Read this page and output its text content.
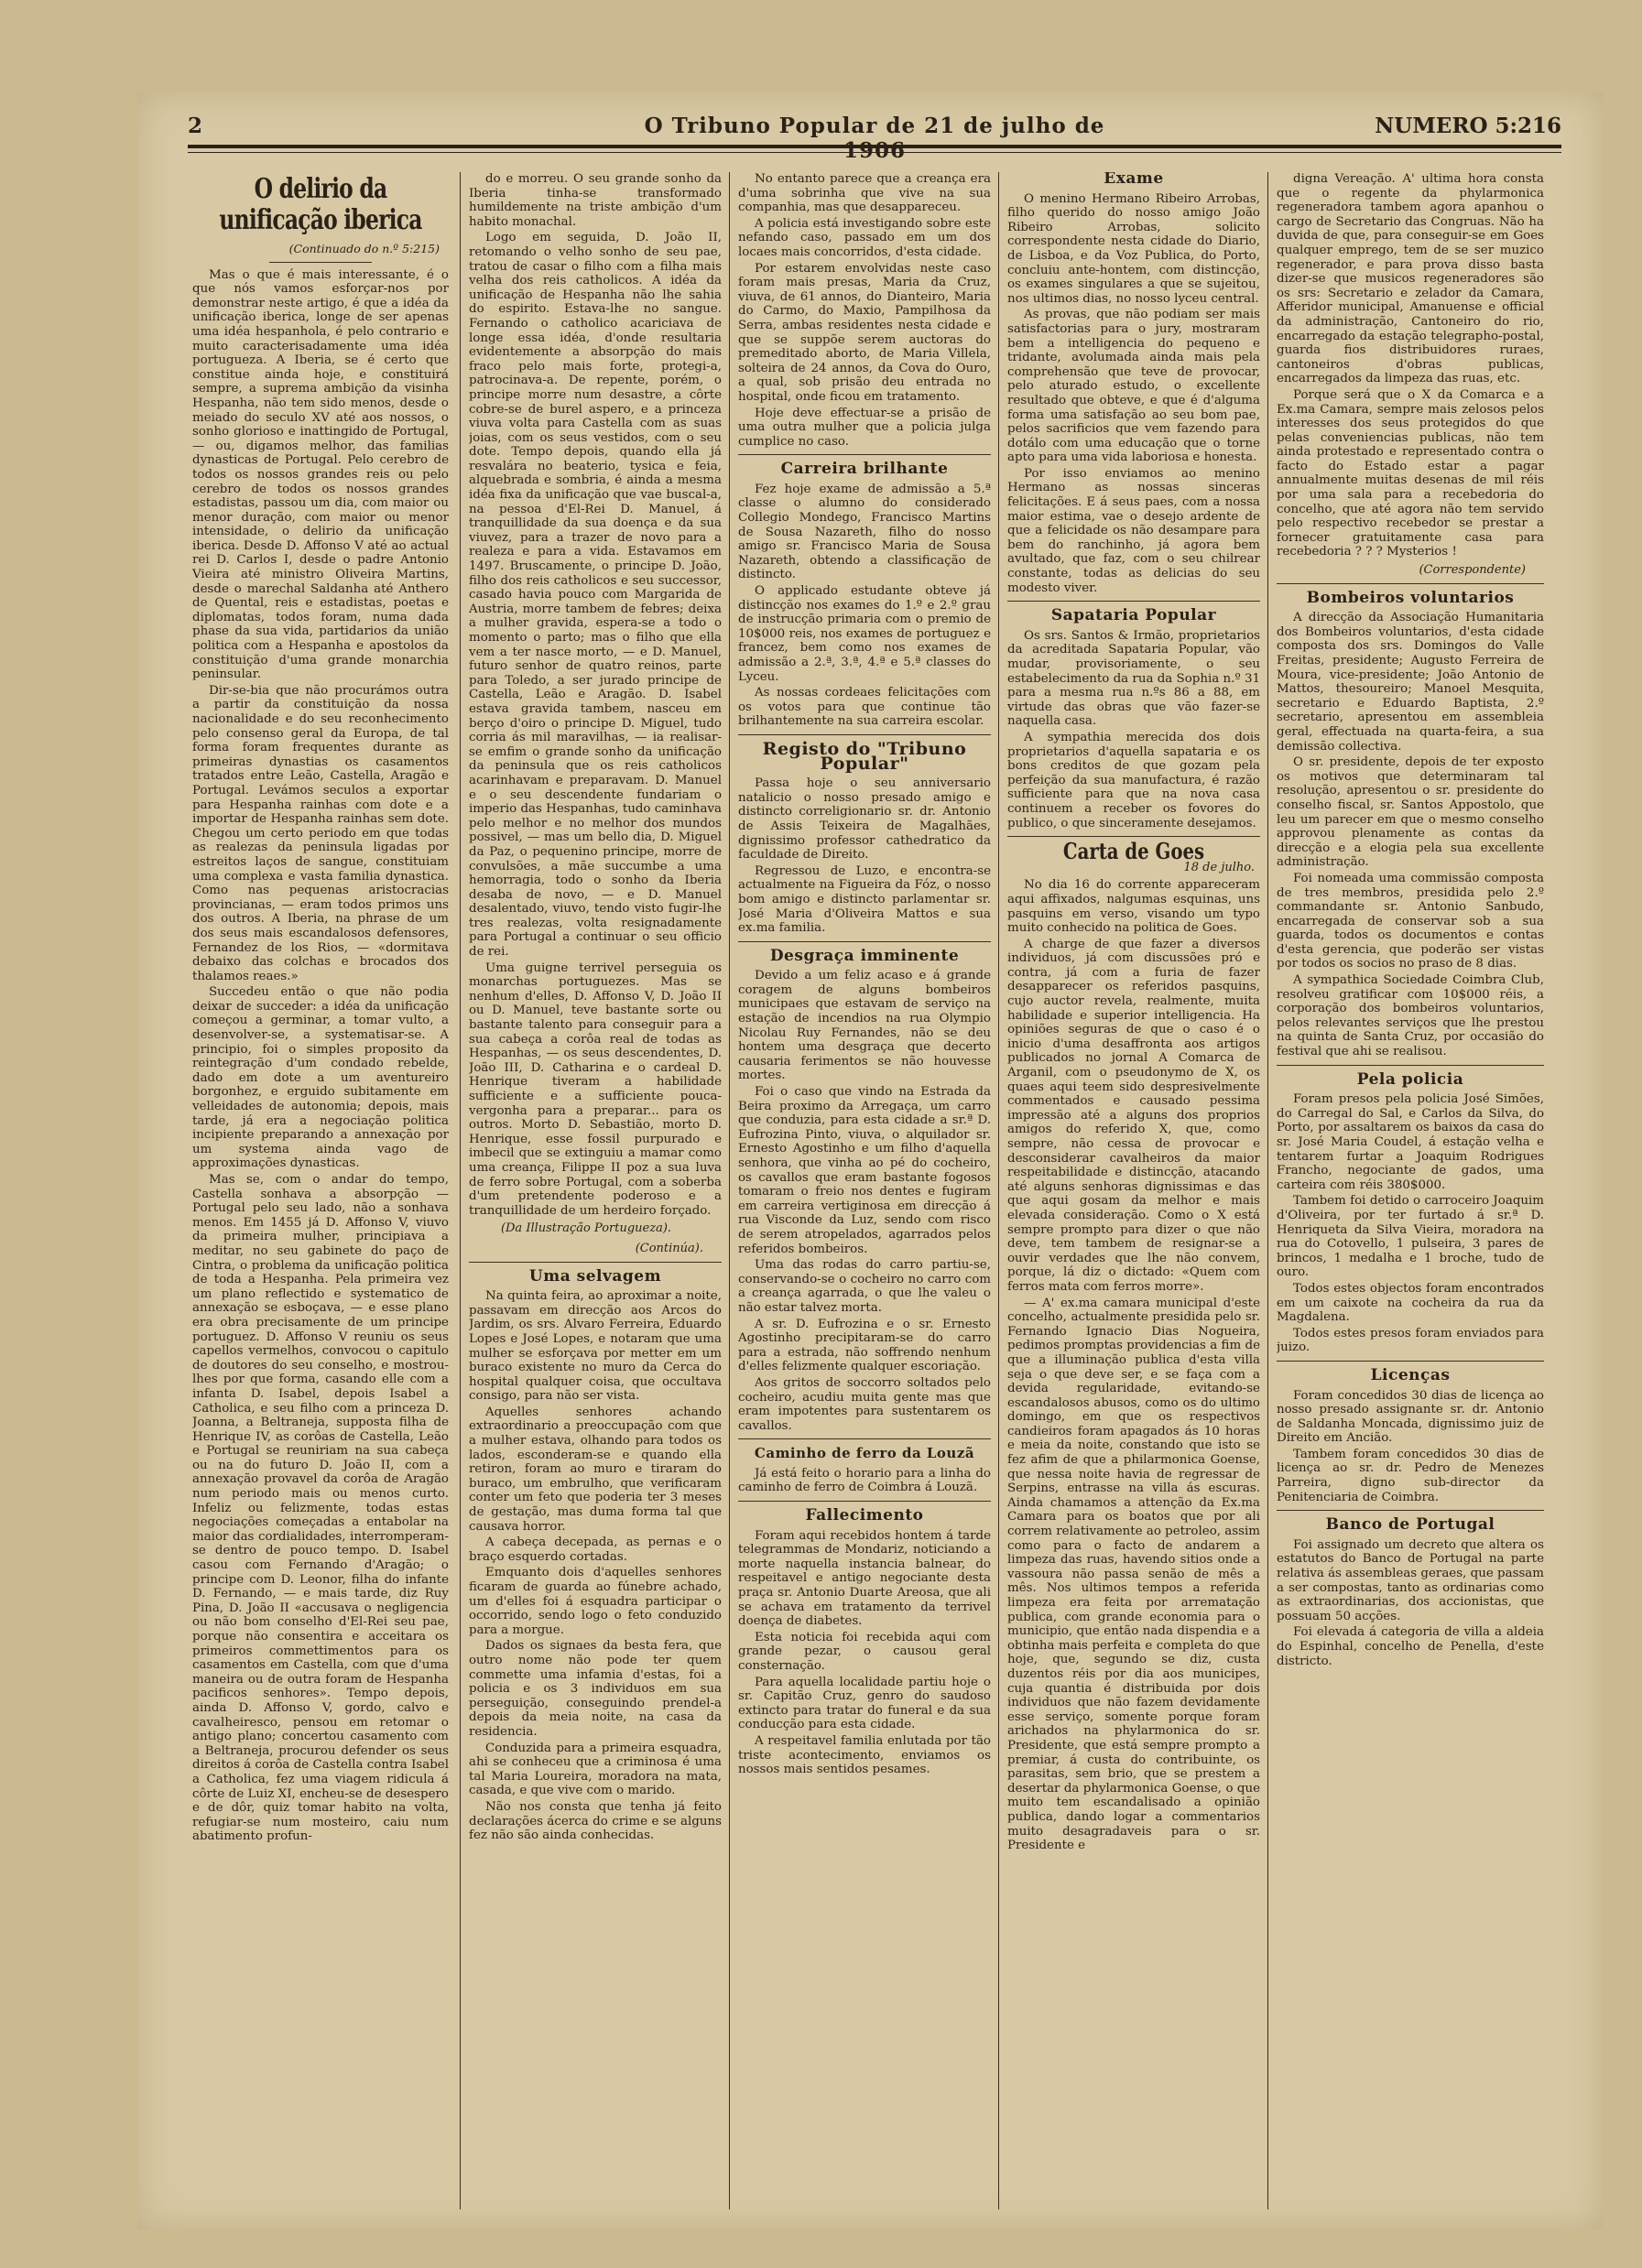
2	O Tribuno Popular de 21 de julho de 1906
NUMERO 5:216
O delirio da unificação iberica
(Continuado do n.º 5:215)

Mas o que é mais interessante, é o que nós vamos esforçar-nos por demonstrar neste artigo, é que a idéa da unificação iberica, longe de ser apenas uma idéa hespanhola, é pelo contrario e muito caracterisadamente uma idéa portugueza. A Iberia, se é certo que constitue ainda hoje, e constituirá sempre, a suprema ambição da visinha Hespanha, não tem sido menos, desde o meiado do seculo XV até aos nossos, o sonho glorioso e inattingido de Portugal, — ou, digamos melhor, das familias dynasticas de Portugal. Pelo cerebro de todos os nossos grandes reis ou pelo cerebro de todos os nossos grandes estadistas, passou um dia, com maior ou menor duração, com maior ou menor intensidade, o delirio da unificação iberica. Desde D. Affonso V até ao actual rei D. Carlos I, desde o padre Antonio Vieira até ministro Oliveira Martins, desde o marechal Saldanha até Anthero de Quental, reis e estadistas, poetas e diplomatas, todos foram, numa dada phase da sua vida, partidarios da união politica com a Hespanha e apostolos da constituição d'uma grande monarchia peninsular.

Dir-se-bia que não procurámos outra a partir da constituição da nossa nacionalidade e do seu reconhecimento pelo consenso geral da Europa, de tal forma foram frequentes durante as primeiras dynastias os casamentos tratados entre Leão, Castella, Aragão e Portugal. Levámos seculos a exportar para Hespanha rainhas com dote e a importar de Hespanha rainhas sem dote. Chegou um certo periodo em que todas as realezas da peninsula ligadas por estreitos laços de sangue, constituiam uma complexa e vasta familia dynastica. Como nas pequenas aristocracias provincianas, — eram todos primos uns dos outros. A Iberia, na phrase de um dos seus mais escandalosos defensores, Fernandez de los Rios, — «dormitava debaixo das colchas e brocados dos thalamos reaes.»

Succedeu então o que não podia deixar de succeder: a idéa da unificação começou a germinar, a tomar vulto, a desenvolver-se, a systematisar-se. A principio, foi o simples proposito da reintegração d'um condado rebelde, dado em dote a um aventureiro borgonhez, e erguido subitamente em velleidades de autonomia; depois, mais tarde, já era a negociação politica incipiente preparando a annexação por um systema ainda vago de approximações dynasticas.

Mas se, com o andar do tempo, Castella sonhava a absorpção — Portugal pelo seu lado, não a sonhava menos. Em 1455 já D. Affonso V, viuvo da primeira mulher, principiava a meditar, no seu gabinete do paço de Cintra, o problema da unificação politica de toda a Hespanha. Pela primeira vez um plano reflectido e systematico de annexação se esboçava, — e esse plano era obra precisamente de um principe portuguez. D. Affonso V reuniu os seus capellos vermelhos, convocou o capitulo de doutores do seu conselho, e mostrou-lhes por que forma, casando elle com a infanta D. Isabel, depois Isabel a Catholica, e seu filho com a princeza D. Joanna, a Beltraneja, supposta filha de Henrique IV, as corôas de Castella, Leão e Portugal se reuniriam na sua cabeça ou na do futuro D. João II, com a annexação provavel da corôa de Aragão num periodo mais ou menos curto. Infeliz ou felizmente, todas estas negociações começadas a entabolar na maior das cordialidades, interromperam-se dentro de pouco tempo. D. Isabel casou com Fernando d'Aragão; o principe com D. Leonor, filha do infante D. Fernando, — e mais tarde, diz Ruy Pina, D. João II «accusava o negligencia ou não bom conselho d'El-Rei seu pae, porque não consentira e acceitara os primeiros commettimentos para os casamentos em Castella, com que d'uma maneira ou de outra foram de Hespanha pacificos senhores». Tempo depois, ainda D. Affonso V, gordo, calvo e cavalheiresco, pensou em retomar o antigo plano; concertou casamento com a Beltraneja, procurou defender os seus direitos á corôa de Castella contra Isabel a Catholica, fez uma viagem ridicula á côrte de Luiz XI, encheu-se de desespero e de dôr, quiz tomar habito na volta, refugiar-se num mosteiro, caiu num abatimento profun-

do e morreu. O seu grande sonho da Iberia tinha-se transformado humildemente na triste ambição d'um habito monachal.

Logo em seguida, D. João II, retomando o velho sonho de seu pae, tratou de casar o filho com a filha mais velha dos reis catholicos. A idéa da unificação de Hespanha não lhe sahia do espirito. Estava-lhe no sangue. Fernando o catholico acariciava de longe essa idéa, d'onde resultaria evidentemente a absorpção do mais fraco pelo mais forte, protegi-a, patrocinava-a. De repente, porém, o principe morre num desastre, a côrte cobre-se de burel aspero, e a princeza viuva volta para Castella com as suas joias, com os seus vestidos, com o seu dote. Tempo depois, quando ella já resvalára no beaterio, tysica e feia, alquebrada e sombria, é ainda a mesma idéa fixa da unificação que vae buscal-a, na pessoa d'El-Rei D. Manuel, á tranquillidade da sua doença e da sua viuvez, para a trazer de novo para a realeza e para a vida. Estavamos em 1497. Bruscamente, o principe D. João, filho dos reis catholicos e seu successor, casado havia pouco com Margarida de Austria, morre tambem de febres; deixa a mulher gravida, espera-se a todo o momento o parto; mas o filho que ella vem a ter nasce morto, — e D. Manuel, futuro senhor de quatro reinos, parte para Toledo, a ser jurado principe de Castella, Leão e Aragão. D. Isabel estava gravida tambem, nasceu em berço d'oiro o principe D. Miguel, tudo corria ás mil maravilhas, — ia realisar-se emfim o grande sonho da unificação da peninsula que os reis catholicos acarinhavam e preparavam. D. Manuel e o seu descendente fundariam o imperio das Hespanhas, tudo caminhava pelo melhor e no melhor dos mundos possivel, — mas um bello dia, D. Miguel da Paz, o pequenino principe, morre de convulsões, a mãe succumbe a uma hemorragia, todo o sonho da Iberia desaba de novo, — e D. Manuel desalentado, viuvo, tendo visto fugir-lhe tres realezas, volta resignadamente para Portugal a continuar o seu officio de rei.

Uma guigne terrivel perseguia os monarchas portuguezes. Mas se nenhum d'elles, D. Affonso V, D. João II ou D. Manuel, teve bastante sorte ou bastante talento para conseguir para a sua cabeça a corôa real de todas as Hespanhas, — os seus descendentes, D. João III, D. Catharina e o cardeal D. Henrique tiveram a habilidade sufficiente e a sufficiente pouca-vergonha para a preparar... para os outros. Morto D. Sebastião, morto D. Henrique, esse fossil purpurado e imbecil que se extinguiu a mamar como uma creança, Filippe II poz a sua luva de ferro sobre Portugal, com a soberba d'um pretendente poderoso e a tranquillidade de um herdeiro forçado.

(Da Illustração Portugueza).
(Continúa).
Uma selvagem

Na quinta feira, ao aproximar a noite, passavam em direcção aos Arcos do Jardim, os srs. Alvaro Ferreira, Eduardo Lopes e José Lopes, e notaram que uma mulher se esforçava por metter em um buraco existente no muro da Cerca do hospital qualquer coisa, que occultava consigo, para não ser vista.

Aquelles senhores achando extraordinario a preoccupação com que a mulher estava, olhando para todos os lados, esconderam-se e quando ella retiron, foram ao muro e tiraram do buraco, um embrulho, que verificaram conter um feto que poderia ter 3 meses de gestação, mas duma forma tal que causava horror.

A cabeça decepada, as pernas e o braço esquerdo cortadas.

Emquanto dois d'aquelles senhores ficaram de guarda ao fúnebre achado, um d'elles foi á esquadra participar o occorrido, sendo logo o feto conduzido para a morgue.

Dados os signaes da besta fera, que outro nome não pode ter quem commette uma infamia d'estas, foi a policia e os 3 individuos em sua perseguição, conseguindo prendel-a depois da meia noite, na casa da residencia.

Conduzida para a primeira esquadra, ahi se conheceu que a criminosa é uma tal Maria Loureira, moradora na mata, casada, e que vive com o marido.

Não nos consta que tenha já feito declarações ácerca do crime e se alguns fez não são ainda conhecidas.

No entanto parece que a creança era d'uma sobrinha que vive na sua companhia, mas que desappareceu.

A policia está investigando sobre este nefando caso, passado em um dos locaes mais concorridos, d'esta cidade.

Por estarem envolvidas neste caso foram mais presas, Maria da Cruz, viuva, de 61 annos, do Dianteiro, Maria do Carmo, do Maxio, Pampilhosa da Serra, ambas residentes nesta cidade e que se suppõe serem auctoras do premeditado aborto, de Maria Villela, solteira de 24 annos, da Cova do Ouro, a qual, sob prisão deu entrada no hospital, onde ficou em tratamento.

Hoje deve effectuar-se a prisão de uma outra mulher que a policia julga cumplice no caso.

Carreira brilhante

Fez hoje exame de admissão a 5.ª classe o alumno do considerado Collegio Mondego, Francisco Martins de Sousa Nazareth, filho do nosso amigo sr. Francisco Maria de Sousa Nazareth, obtendo a classificação de distincto.

O applicado estudante obteve já distincção nos exames do 1.º e 2.º grau de instrucção primaria com o premio de 10$000 reis, nos exames de portuguez e francez, bem como nos exames de admissão a 2.ª, 3.ª, 4.ª e 5.ª classes do Lyceu.

As nossas cordeaes felicitações com os votos para que continue tão brilhantemente na sua carreira escolar.

Registo do "Tribuno Popular"

Passa hoje o seu anniversario natalicio o nosso presado amigo e distincto correligionario sr. dr. Antonio de Assis Teixeira de Magalhães, dignissimo professor cathedratico da faculdade de Direito.

Regressou de Luzo, e encontra-se actualmente na Figueira da Fóz, o nosso bom amigo e distincto parlamentar sr. José Maria d'Oliveira Mattos e sua ex.ma familia.

Desgraça imminente

Devido a um feliz acaso e á grande coragem de alguns bombeiros municipaes que estavam de serviço na estação de incendios na rua Olympio Nicolau Ruy Fernandes, não se deu hontem uma desgraça que decerto causaria ferimentos se não houvesse mortes.

Foi o caso que vindo na Estrada da Beira proximo da Arregaça, um carro que conduzia, para esta cidade a sr.ª D. Eufrozina Pinto, viuva, o alquilador sr. Ernesto Agostinho e um filho d'aquella senhora, que vinha ao pé do cocheiro, os cavallos que eram bastante fogosos tomaram o freio nos dentes e fugiram em carreira vertiginosa em direcção á rua Visconde da Luz, sendo com risco de serem atropelados, agarrados pelos referidos bombeiros.

Uma das rodas do carro partiu-se, conservando-se o cocheiro no carro com a creança agarrada, o que lhe valeu o não estar talvez morta.

A sr. D. Eufrozina e o sr. Ernesto Agostinho precipitaram-se do carro para a estrada, não soffrendo nenhum d'elles felizmente qualquer escoriação.

Aos gritos de soccorro soltados pelo cocheiro, acudiu muita gente mas que eram impotentes para sustentarem os cavallos.

Caminho de ferro da Louzã

Já está feito o horario para a linha do caminho de ferro de Coimbra á Louzã.

Fallecimento

Foram aqui recebidos hontem á tarde telegrammas de Mondariz, noticiando a morte naquella instancia balnear, do respeitavel e antigo negociante desta praça sr. Antonio Duarte Areosa, que ali se achava em tratamento da terrivel doença de diabetes.

Esta noticia foi recebida aqui com grande pezar, o causou geral consternação.

Para aquella localidade partiu hoje o sr. Capitão Cruz, genro do saudoso extincto para tratar do funeral e da sua conducção para esta cidade.

A respeitavel familia enlutada por tão triste acontecimento, enviamos os nossos mais sentidos pesames.

Exame

O menino Hermano Ribeiro Arrobas, filho querido do nosso amigo João Ribeiro Arrobas, solicito correspondente nesta cidade do Diario, de Lisboa, e da Voz Publica, do Porto, concluiu ante-hontem, com distincção, os exames singulares a que se sujeitou, nos ultimos dias, no nosso lyceu central.

As provas, que não podiam ser mais satisfactorias para o jury, mostraram bem a intelligencia do pequeno e tridante, avolumada ainda mais pela comprehensão que teve de provocar, pelo aturado estudo, o excellente resultado que obteve, e que é d'alguma forma uma satisfação ao seu bom pae, pelos sacrificios que vem fazendo para dotálo com uma educação que o torne apto para uma vida laboriosa e honesta.

Por isso enviamos ao menino Hermano as nossas sinceras felicitações. E á seus paes, com a nossa maior estima, vae o desejo ardente de que a felicidade os não desampare para bem do ranchinho, já agora bem avultado, que faz, com o seu chilrear constante, todas as delicias do seu modesto viver.

Sapataria Popular

Os srs. Santos & Irmão, proprietarios da acreditada Sapataria Popular, vão mudar, provisoriamente, o seu estabelecimento da rua da Sophia n.º 31 para a mesma rua n.ºs 86 a 88, em virtude das obras que vão fazer-se naquella casa.

A sympathia merecida dos dois proprietarios d'aquella sapataria e os bons creditos de que gozam pela perfeição da sua manufactura, é razão sufficiente para que na nova casa continuem a receber os fovores do publico, o que sinceramente desejamos.

Carta de Goes
18 de julho.

No dia 16 do corrente appareceram aqui affixados, nalgumas esquinas, uns pasquins em verso, visando um typo muito conhecido na politica de Goes.

A charge de que fazer a diversos individuos, já com discussões pró e contra, já com a furia de fazer desapparecer os referidos pasquins, cujo auctor revela, realmente, muita habilidade e superior intelligencia. Ha opiniões seguras de que o caso é o inicio d'uma desaffronta aos artigos publicados no jornal A Comarca de Arganil, com o pseudonymo de X, os quaes aqui teem sido despresivelmente commentados e causado pessima impressão até a alguns dos proprios amigos do referido X, que, como sempre, não cessa de provocar e desconsiderar cavalheiros da maior respeitabilidade e distincção, atacando até alguns senhoras dignissimas e das que aqui gosam da melhor e mais elevada consideração. Como o X está sempre prompto para dizer o que não deve, tem tambem de resignar-se a ouvir verdades que lhe não convem, porque, lá diz o dictado: «Quem com ferros mata com ferros morre».

— A' ex.ma camara municipal d'este concelho, actualmente presidida pelo sr. Fernando Ignacio Dias Nogueira, pedimos promptas providencias a fim de que a illuminação publica d'esta villa seja o que deve ser, e se faça com a devida regularidade, evitando-se escandalosos abusos, como os do ultimo domingo, em que os respectivos candieiros foram apagados ás 10 horas e meia da noite, constando que isto se fez afim de que a philarmonica Goense, que nessa noite havia de regressar de Serpins, entrasse na villa ás escuras. Ainda chamamos a attenção da Ex.ma Camara para os boatos que por ali correm relativamente ao petroleo, assim como para o facto de andarem a limpeza das ruas, havendo sitios onde a vassoura não passa senão de mês a mês. Nos ultimos tempos a referida limpeza era feita por arrematação publica, com grande economia para o municipio, que então nada dispendia e a obtinha mais perfeita e completa do que hoje, que, segundo se diz, custa duzentos réis por dia aos municipes, cuja quantia é distribuida por dois individuos que não fazem devidamente esse serviço, somente porque foram arichados na phylarmonica do sr. Presidente, que está sempre prompto a premiar, á custa do contribuinte, os parasitas, sem brio, que se prestem a desertar da phylarmonica Goense, o que muito tem escandalisado a opinião publica, dando logar a commentarios muito desagradaveis para o sr. Presidente e

digna Vereação. A' ultima hora consta que o regente da phylarmonica regeneradora tambem agora apanhou o cargo de Secretario das Congruas. Não ha duvida de que, para conseguir-se em Goes qualquer emprego, tem de se ser muzico regenerador, e para prova disso basta dizer-se que musicos regeneradores são os srs: Secretario e zelador da Camara, Afferidor municipal, Amanuense e official da administração, Cantoneiro do rio, encarregado da estação telegrapho-postal, guarda fios distribuidores ruraes, cantoneiros d'obras publicas, encarregados da limpeza das ruas, etc.

Porque será que o X da Comarca e a Ex.ma Camara, sempre mais zelosos pelos interesses dos seus protegidos do que pelas conveniencias publicas, não tem ainda protestado e representado contra o facto do Estado estar a pagar annualmente muitas desenas de mil réis por uma sala para a recebedoria do concelho, que até agora não tem servido pelo respectivo recebedor se prestar a fornecer gratuitamente casa para recebedoria ? ? ? Mysterios !

(Correspondente)
Bombeiros voluntarios

A direcção da Associação Humanitaria dos Bombeiros voluntarios, d'esta cidade composta dos srs. Domingos do Valle Freitas, presidente; Augusto Ferreira de Moura, vice-presidente; João Antonio de Mattos, thesoureiro; Manoel Mesquita, secretario e Eduardo Baptista, 2.º secretario, apresentou em assembleia geral, effectuada na quarta-feira, a sua demissão collectiva.

O sr. presidente, depois de ter exposto os motivos que determinaram tal resolução, apresentou o sr. presidente do conselho fiscal, sr. Santos Appostolo, que leu um parecer em que o mesmo conselho approvou plenamente as contas da direcção e a elogia pela sua excellente administração.

Foi nomeada uma commissão composta de tres membros, presidida pelo 2.º commandante sr. Antonio Sanbudo, encarregada de conservar sob a sua guarda, todos os documentos e contas d'esta gerencia, que poderão ser vistas por todos os socios no praso de 8 dias.

A sympathica Sociedade Coimbra Club, resolveu gratificar com 10$000 réis, a corporação dos bombeiros voluntarios, pelos relevantes serviços que lhe prestou na quinta de Santa Cruz, por occasião do festival que ahi se realisou.

Pela policia

Foram presos pela policia José Simões, do Carregal do Sal, e Carlos da Silva, do Porto, por assaltarem os baixos da casa do sr. José Maria Coudel, á estação velha e tentarem furtar a Joaquim Rodrigues Francho, negociante de gados, uma carteira com réis 380$000.

Tambem foi detido o carroceiro Joaquim d'Oliveira, por ter furtado á sr.ª D. Henriqueta da Silva Vieira, moradora na rua do Cotovello, 1 pulseira, 3 pares de brincos, 1 medalha e 1 broche, tudo de ouro.

Todos estes objectos foram encontrados em um caixote na cocheira da rua da Magdalena.

Todos estes presos foram enviados para juizo.

Licenças

Foram concedidos 30 dias de licença ao nosso presado assignante sr. dr. Antonio de Saldanha Moncada, dignissimo juiz de Direito em Ancião.

Tambem foram concedidos 30 dias de licença ao sr. dr. Pedro de Menezes Parreira, digno sub-director da Penitenciaria de Coimbra.

Banco de Portugal

Foi assignado um decreto que altera os estatutos do Banco de Portugal na parte relativa ás assembleas geraes, que passam a ser compostas, tanto as ordinarias como as extraordinarias, dos accionistas, que possuam 50 acções.

Foi elevada á categoria de villa a aldeia do Espinhal, concelho de Penella, d'este districto.
